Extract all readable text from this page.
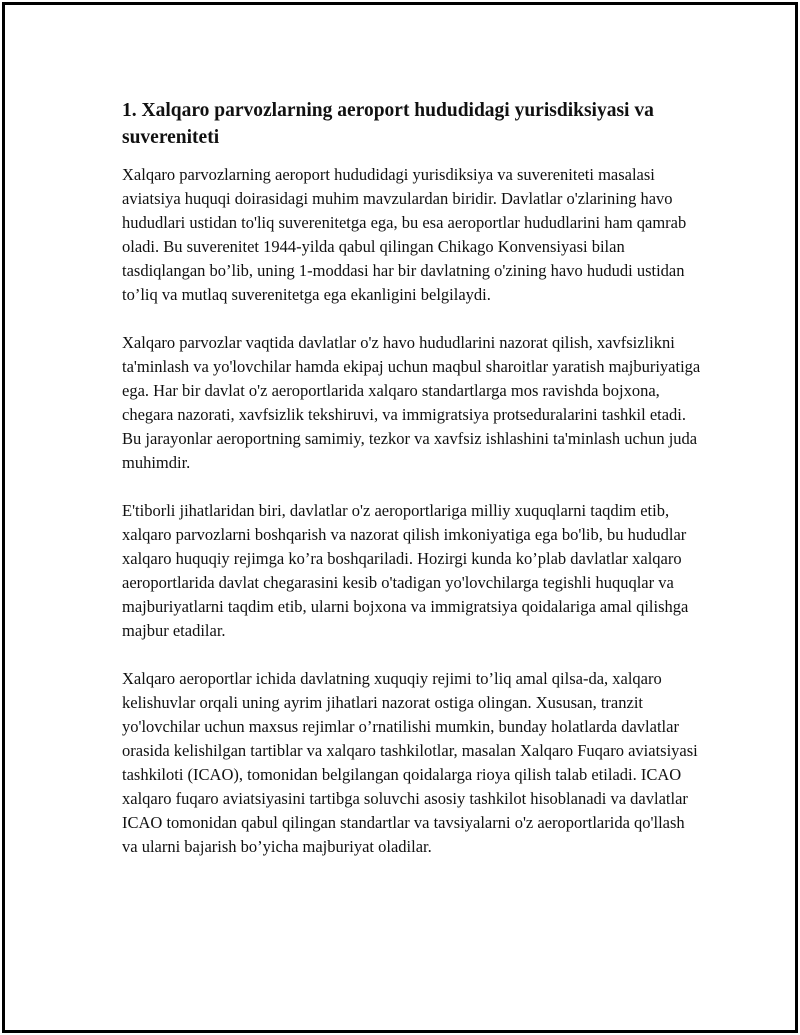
1. Xalqaro parvozlarning aeroport hududidagi yurisdiksiyasi va suvereniteti

Xalqaro parvozlarning aeroport hududidagi yurisdiksiya va suvereniteti masalasi aviatsiya huquqi doirasidagi muhim mavzulardan biridir. Davlatlar o'zlarining havo hududlari ustidan to'liq suverenitetga ega, bu esa aeroportlar hududlarini ham qamrab oladi. Bu suverenitet 1944-yilda qabul qilingan Chikago Konvensiyasi bilan tasdiqlangan bo’lib, uning 1-moddasi har bir davlatning o'zining havo hududi ustidan to’liq va mutlaq suverenitetga ega ekanligini belgilaydi.

Xalqaro parvozlar vaqtida davlatlar o'z havo hududlarini nazorat qilish, xavfsizlikni ta'minlash va yo'lovchilar hamda ekipaj uchun maqbul sharoitlar yaratish majburiyatiga ega. Har bir davlat o'z aeroportlarida xalqaro standartlarga mos ravishda bojxona, chegara nazorati, xavfsizlik tekshiruvi, va immigratsiya protseduralarini tashkil etadi. Bu jarayonlar aeroportning samimiy, tezkor va xavfsiz ishlashini ta'minlash uchun juda muhimdir.

E'tiborli jihatlaridan biri, davlatlar o'z aeroportlariga milliy xuquqlarni taqdim etib, xalqaro parvozlarni boshqarish va nazorat qilish imkoniyatiga ega bo'lib, bu hududlar xalqaro huquqiy rejimga ko’ra boshqariladi. Hozirgi kunda ko’plab davlatlar xalqaro aeroportlarida davlat chegarasini kesib o'tadigan yo'lovchilarga tegishli huquqlar va majburiyatlarni taqdim etib, ularni bojxona va immigratsiya qoidalariga amal qilishga majbur etadilar.

Xalqaro aeroportlar ichida davlatning xuquqiy rejimi to’liq amal qilsa-da, xalqaro kelishuvlar orqali uning ayrim jihatlari nazorat ostiga olingan. Xususan, tranzit yo'lovchilar uchun maxsus rejimlar o’rnatilishi mumkin, bunday holatlarda davlatlar orasida kelishilgan tartiblar va xalqaro tashkilotlar, masalan Xalqaro Fuqaro aviatsiyasi tashkiloti (ICAO), tomonidan belgilangan qoidalarga rioya qilish talab etiladi. ICAO xalqaro fuqaro aviatsiyasini tartibga soluvchi asosiy tashkilot hisoblanadi va davlatlar ICAO tomonidan qabul qilingan standartlar va tavsiyalarni o'z aeroportlarida qo'llash va ularni bajarish bo’yicha majburiyat oladilar.
